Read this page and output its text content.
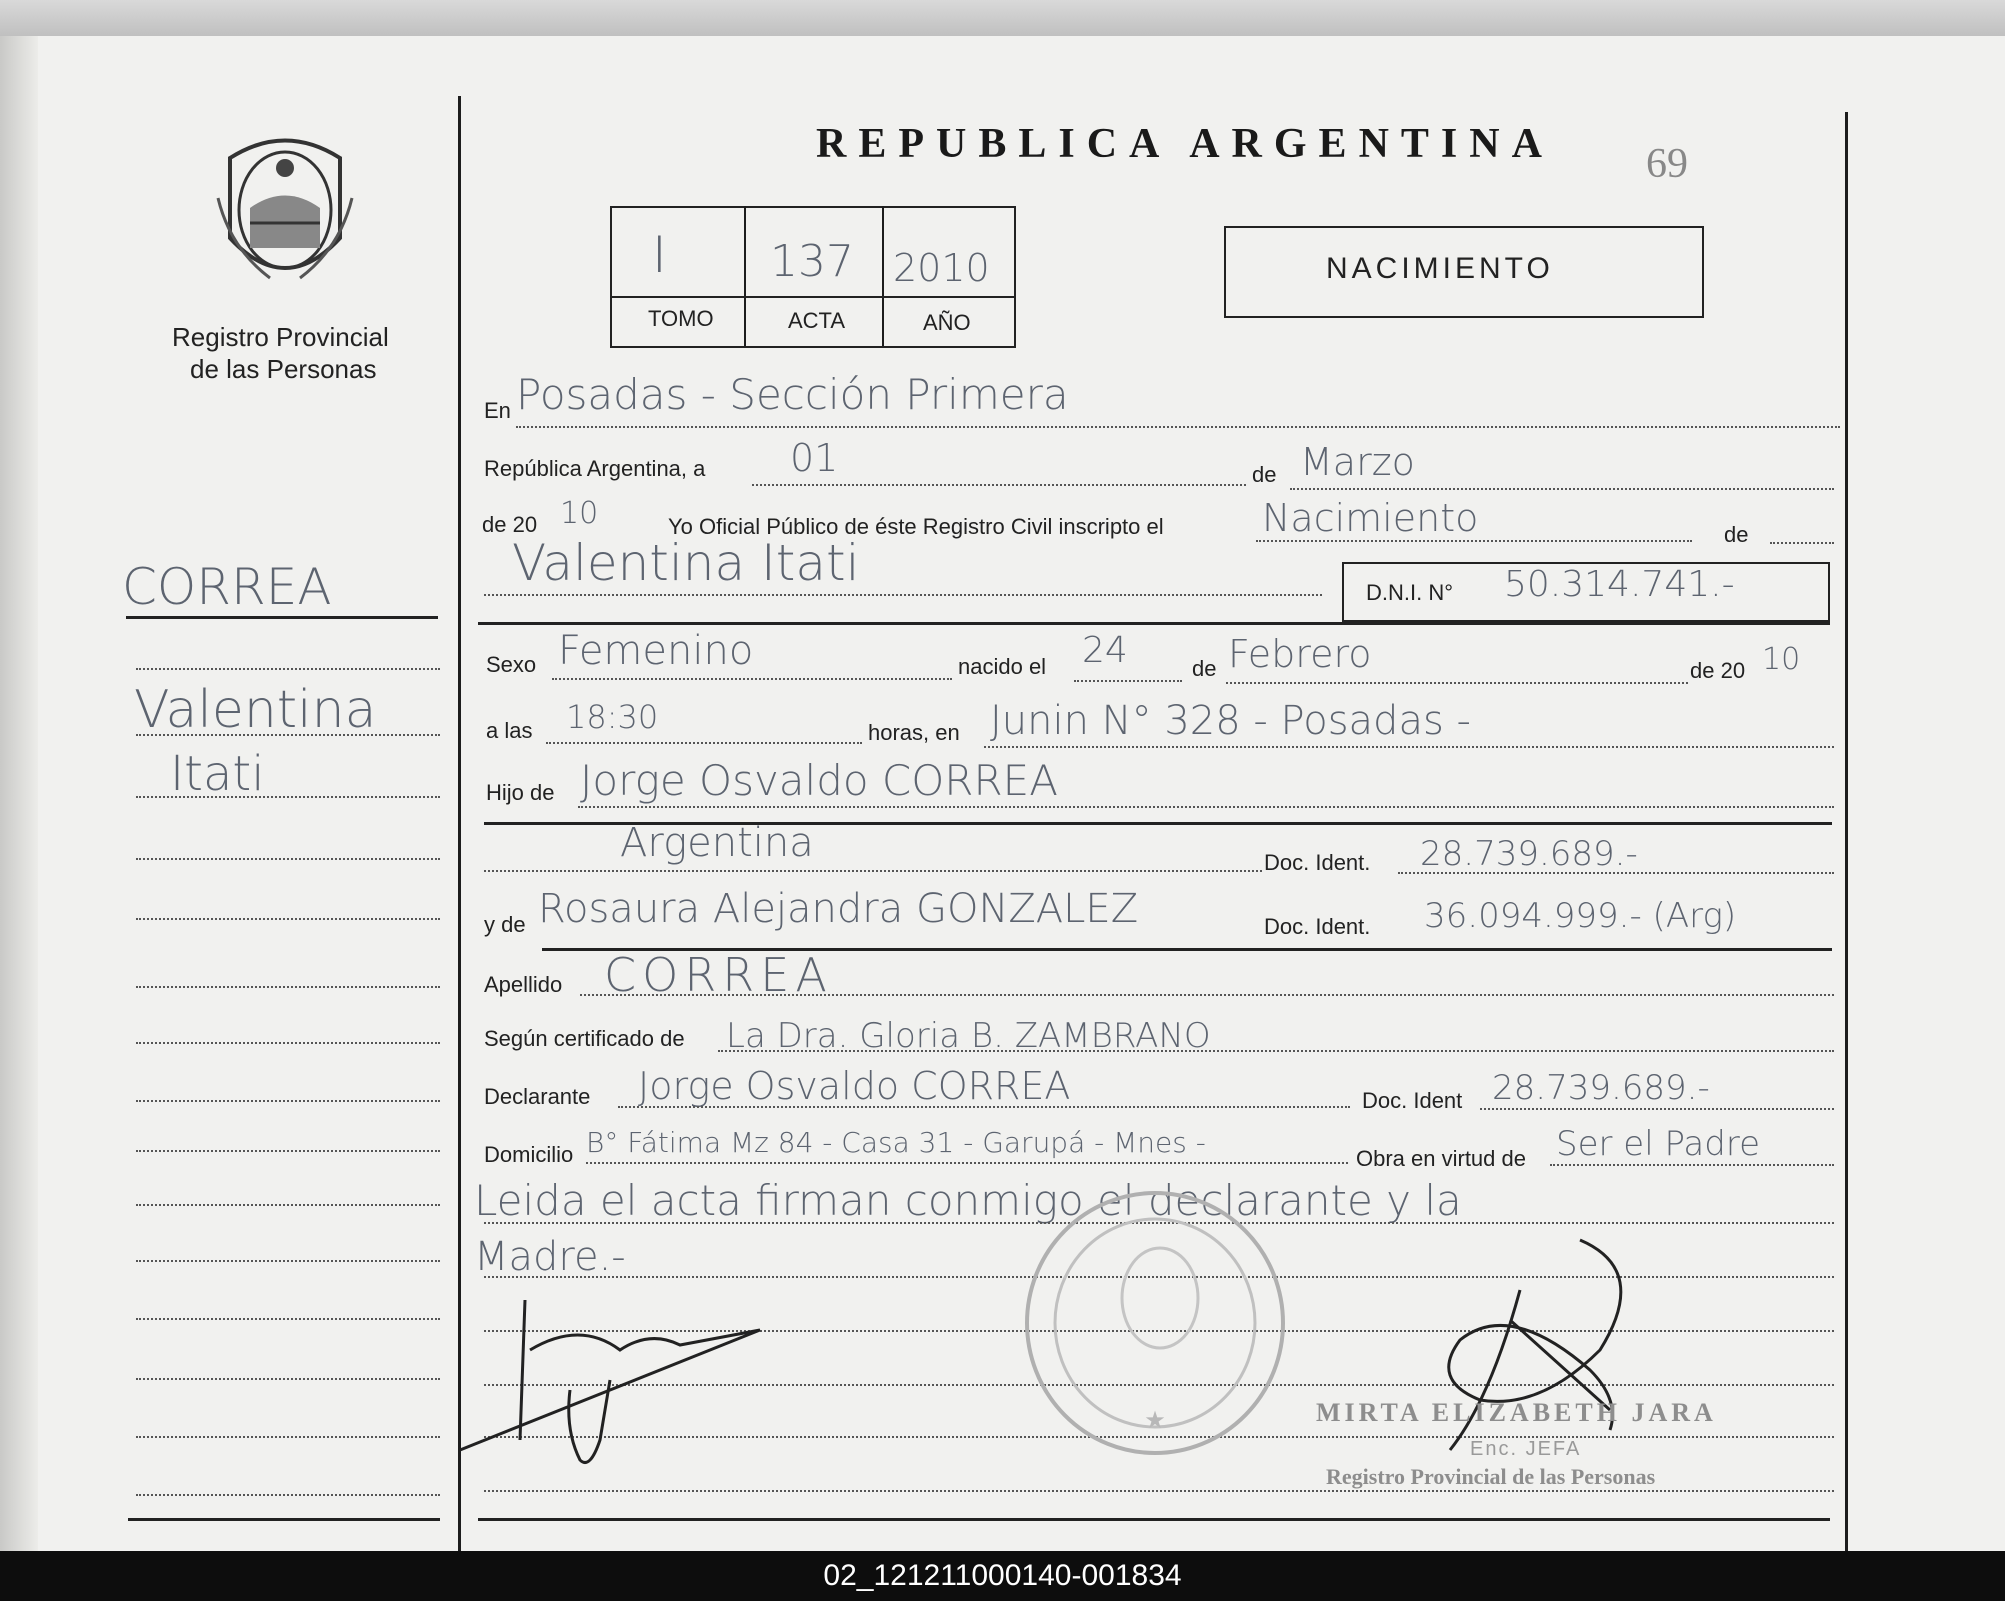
Registro Provincial
de las Personas
REPUBLICA ARGENTINA 69
I 137 2010
TOMO	ACTA	AÑO
NACIMIENTO
CORREA
Valentina
Itati
En Posadas - Sección Primera
República Argentina, a 01	de Marzo
de 20 10	Yo Oficial Público de éste Registro Civil inscripto el	Nacimiento	de
Valentina Itati
D.N.I. N° 50.314.741.-
Sexo Femenino	nacido el 24	de Febrero	de 20 10
a las 18:30	horas, en Junin N° 328 - Posadas -
Hijo de Jorge Osvaldo CORREA
Argentina	Doc. Ident. 28.739.689.-
y de Rosaura Alejandra GONZALEZ	Doc. Ident. 36.094.999.- (Arg)
Apellido CORREA
Según certificado de La Dra. Gloria B. ZAMBRANO
Declarante Jorge Osvaldo CORREA	Doc. Ident 28.739.689.-
Domicilio B° Fátima Mz 84 - Casa 31 - Garupá - Mnes -	Obra en virtud de Ser el Padre
Leida el acta firman conmigo el declarante y la
Madre.-
★	MIRTA ELIZABETH JARA
Enc. JEFA
Registro Provincial de las Personas
02_121211000140-001834
